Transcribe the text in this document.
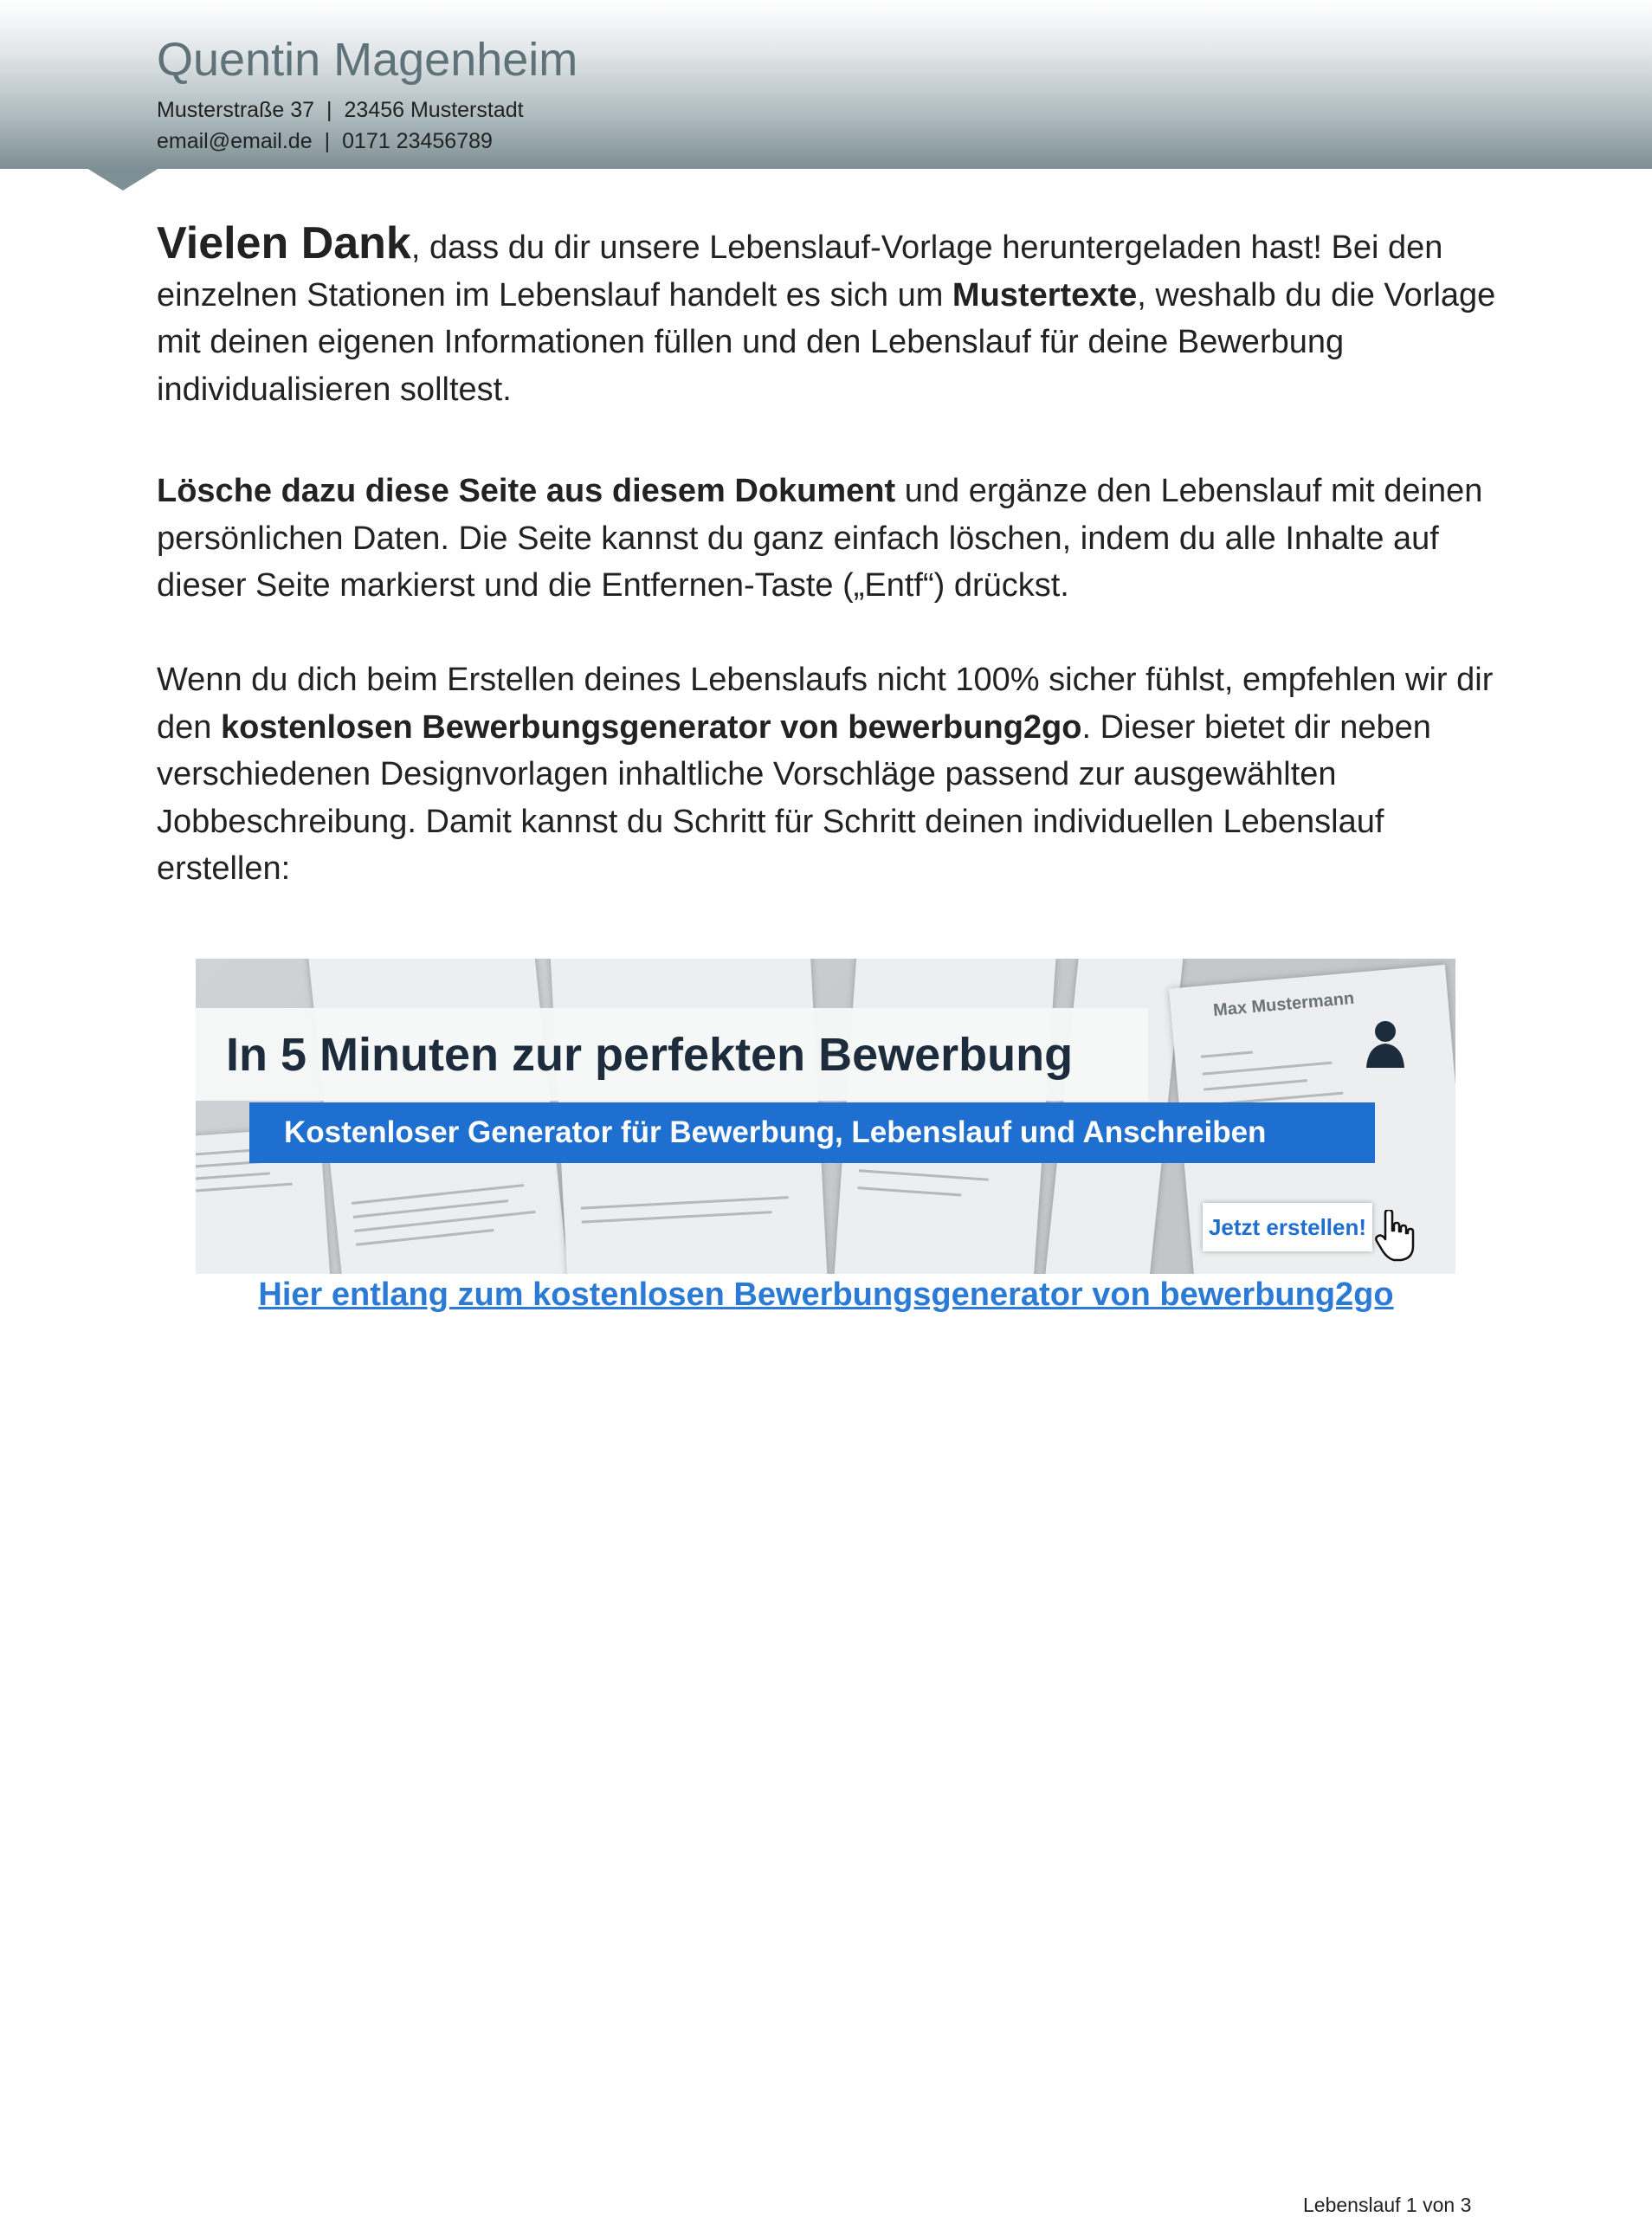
Quentin Magenheim
Musterstraße 37 | 23456 Musterstadt
email@email.de | 0171 23456789
Vielen Dank, dass du dir unsere Lebenslauf-Vorlage heruntergeladen hast! Bei den einzelnen Stationen im Lebenslauf handelt es sich um Mustertexte, weshalb du die Vorlage mit deinen eigenen Informationen füllen und den Lebenslauf für deine Bewerbung individualisieren solltest.
Lösche dazu diese Seite aus diesem Dokument und ergänze den Lebenslauf mit deinen persönlichen Daten. Die Seite kannst du ganz einfach löschen, indem du alle Inhalte auf dieser Seite markierst und die Entfernen-Taste („Entf“) drückst.
Wenn du dich beim Erstellen deines Lebenslaufs nicht 100% sicher fühlst, empfehlen wir dir den kostenlosen Bewerbungsgenerator von bewerbung2go. Dieser bietet dir neben verschiedenen Designvorlagen inhaltliche Vorschläge passend zur ausgewählten Jobbeschreibung. Damit kannst du Schritt für Schritt deinen individuellen Lebenslauf erstellen:
Max Mustermann
In 5 Minuten zur perfekten Bewerbung
Kostenloser Generator für Bewerbung, Lebenslauf und Anschreiben
Jetzt erstellen!
Hier entlang zum kostenlosen Bewerbungsgenerator von bewerbung2go
Lebenslauf 1 von 3
